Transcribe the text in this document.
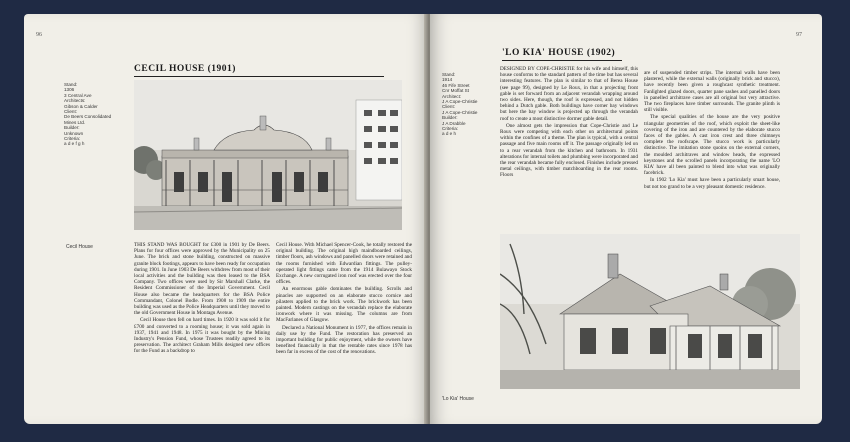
96
CECIL HOUSE (1901)
Stand:
1306
3 Central Ave
Architects:
Gibson & Calder
Client:
De Beers Consolidated
Mines Ltd.
Builder:
Unknown
Criteria:
a d e f g h
Cecil House	THIS STAND WAS BOUGHT for £300 in 1901 by De Beers. Plans for four offices were approved by the Municipality on 25 June. The brick and stone building, constructed on massive granite block footings, appears to have been ready for occupation during 1901. In June 1903 De Beers withdrew from most of their local activities and the building was then leased to the BSA Company. Two offices were used by Sir Marshall Clarke, the Resident Commissioner of the Imperial Government. Cecil House also became the headquarters for the BSA Police Commandant, Colonel Bodle. From 1908 to 1909 the entire building was used as the Police Headquarters until they moved to the old Government House in Montagu Avenue.

Cecil House then fell on hard times. In 1920 it was sold it for £700 and converted to a rooming house; it was sold again in 1937, 1941 and 1948. In 1975 it was bought by the Mining Industry's Pension Fund, whose Trustees readily agreed to its preservation. The architect Graham Mills designed new offices for the Fund as a backdrop to

Cecil House. With Michael Spencer-Cook, he totally restored the original building. The original high maindboarded ceilings, timber floors, ash windows and panelled doors were retained and the rooms furnished with Edwardian fittings. The pulley-operated light fittings came from the 1914 Bulawayo Stock Exchange. A new corrugated iron roof was erected over the four offices.

An enormous gable dominates the building. Scrolls and pinacles are supported on an elaborate stucco cornice and pilasters applied to the brick work. The brickwork has been painted. Modern castings on the verandah replace the elaborate ironwork where it was missing. The columns are from MacFarlanes of Glasgow.

Declared a National Monument in 1977, the offices remain in daily use by the Fund. The restoration has preserved an important building for public enjoyment, while the owners have benefited financially in that the rentable rates since 1978 has been far in excess of the cost of the renovations.

97
'LO KIA' HOUSE (1902)
Stand:
1914
46 Fife Street
Cnr Moffat St
Architect:
J A Cope-Christie
Client:
J A Cope-Christie
Builder:
J A Drabble
Criteria:
a d e h

DESIGNED BY COPE-CHRISTIE for his wife and himself, this house conforms to the standard pattern of the time but has several interesting features. The plan is similar to that of Berea House (see page 99), designed by Le Roux, in that a projecting front gable is set forward from an adjacent verandah wrapping around two sides. Here, though, the roof is expressed, and not hidden behind a Dutch gable. Both buildings have corner bay windows but here the bay window is projected up through the verandah roof to create a most distinctive dormer gable detail.

One almost gets the impression that Cope-Christie and Le Roux were competing with each other on architectural points within the confines of a theme. The plan is typical, with a central passage and five main rooms off it. The passage originally led on to a rear verandah from the kitchen and bathroom. In 1931 alterations for internal toilets and plumbing were incorporated and the rear verandah became fully enclosed. Finishes include pressed metal ceilings, with timber matchboarding in the rear rooms. Floors

are of suspended timber strips. The internal walls have been plastered, while the external walls (originally brick and stucco), have recently been given a roughcast synthetic treatment. Fanlighted glazed doors, quarter pane sashes and panelled doors in panelled architrave cases are all original but very attractive. The two fireplaces have timber surrounds. The granite plinth is still visible.

The special qualities of the house are the very positive triangular geometries of the roof, which exploit the sheet-like covering of the iron and are countered by the elaborate stucco faces of the gables. A cast iron crest and three chimneys complete the roofscape. The stucco work is particularly distinctive. The imitation stone quoins on the external corners, the moulded architraves and window heads, the expressed keystones and the scrolled panels incorporating the name 'LO KIA' have all been painted to blend into what was originally facebrick.

In 1902 'Lo Kia' must have been a particularly smart house, but not too grand to be a very pleasant domestic residence.

'Lo Kia' House
